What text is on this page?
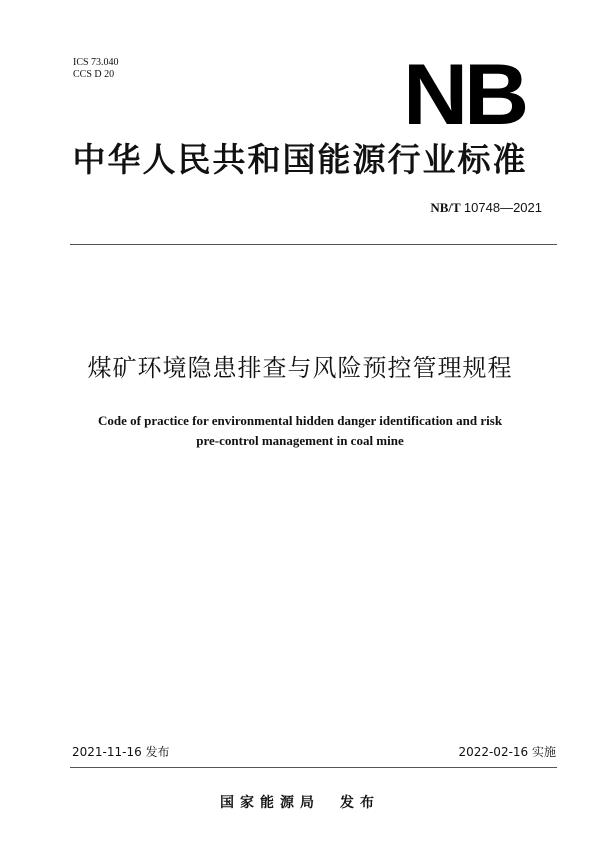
ICS 73.040
CCS D 20	NB
中华人民共和国能源行业标准
NB/T 10748—2021
煤矿环境隐患排查与风险预控管理规程
Code of practice for environmental hidden danger identification and risk
pre-control management in coal mine
2021-11-16 发布	2022-02-16 实施
国家能源局 发布
